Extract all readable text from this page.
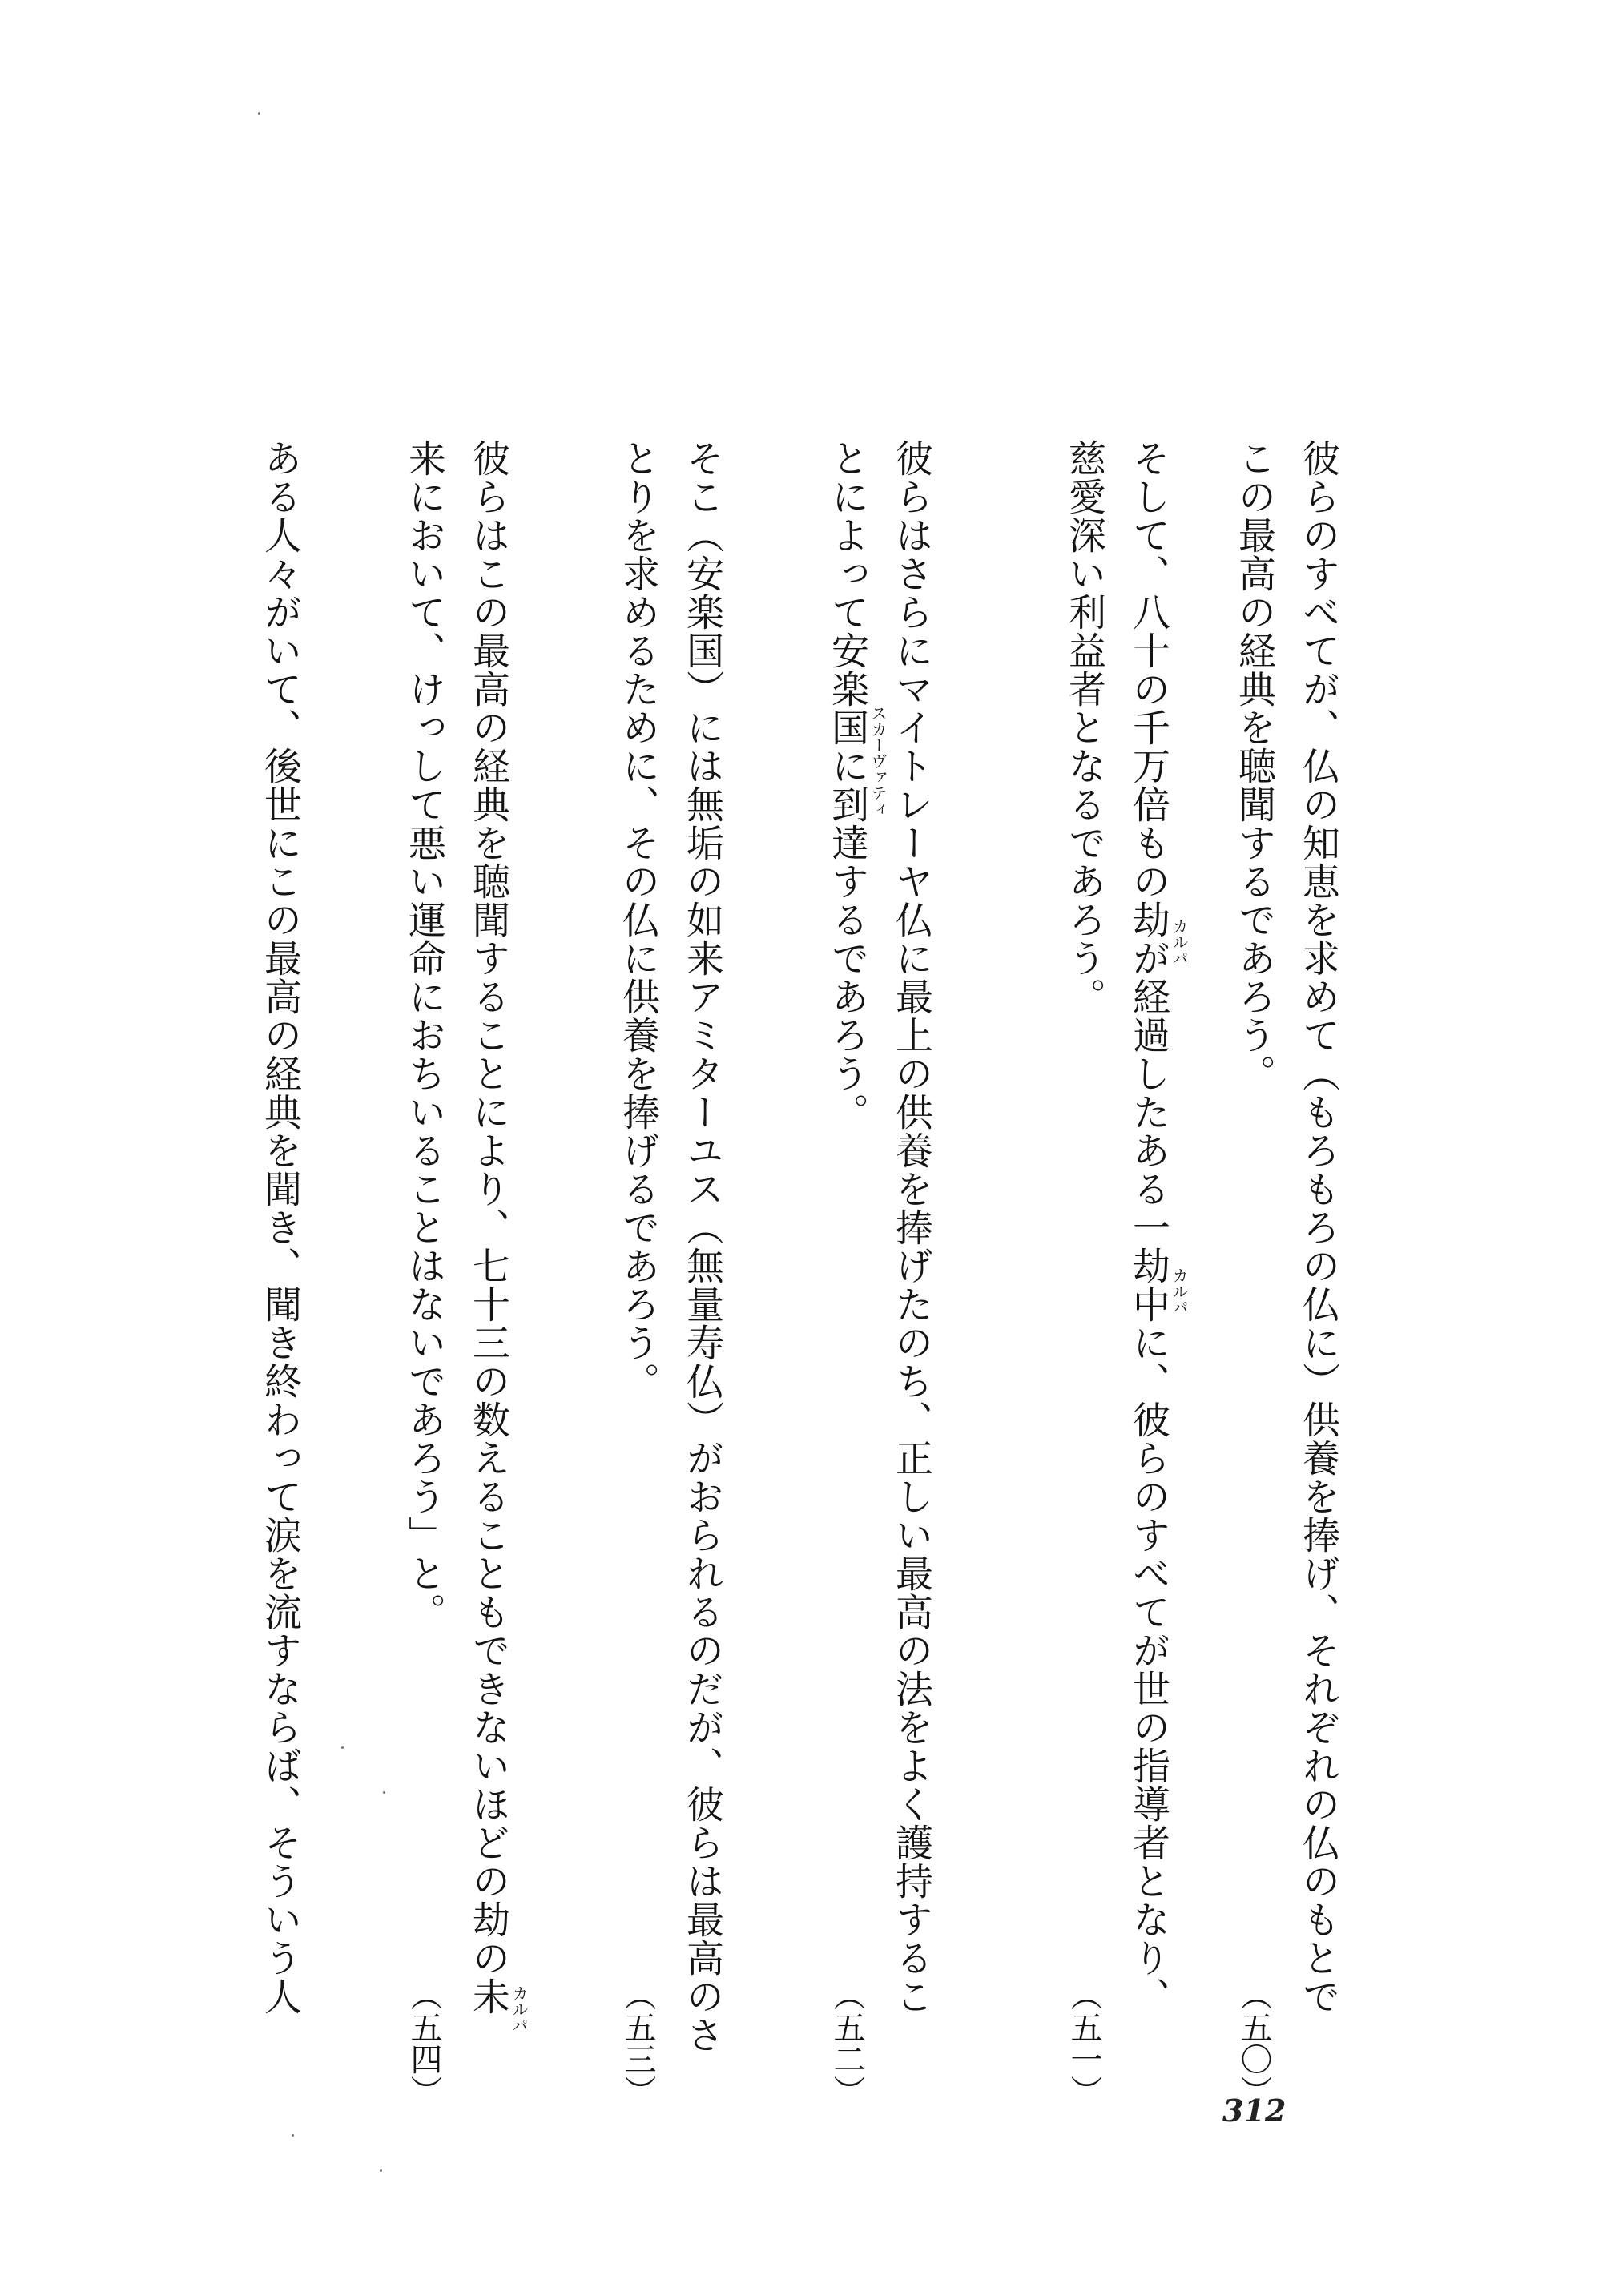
彼らのすべてが、仏の知恵を求めて（もろもろの仏に）供養を捧げ、それぞれの仏のもとで
この最高の経典を聴聞するであろう。
そして、八十の千万倍もの劫が経過したある一劫中に、彼らのすべてが世の指導者となり、
慈愛深い利益者となるであろう。
彼らはさらにマイトレーヤ仏に最上の供養を捧げたのち、正しい最高の法をよく護持するこ
とによって安楽国に到達するであろう。
そこ（安楽国）には無垢の如来アミターユス（無量寿仏）がおられるのだが、彼らは最高のさ
とりを求めるために、その仏に供養を捧げるであろう。
彼らはこの最高の経典を聴聞することにより、七十三の数えることもできないほどの劫の未
来において、けっして悪い運命におちいることはないであろう」と。
ある人々がいて、後世にこの最高の経典を聞き、聞き終わって涙を流すならば、そういう人	カルパ
カルパ
スカーヴァティ
カルパ	（五〇）
（五一）
（五二）
（五三）
（五四）
312
